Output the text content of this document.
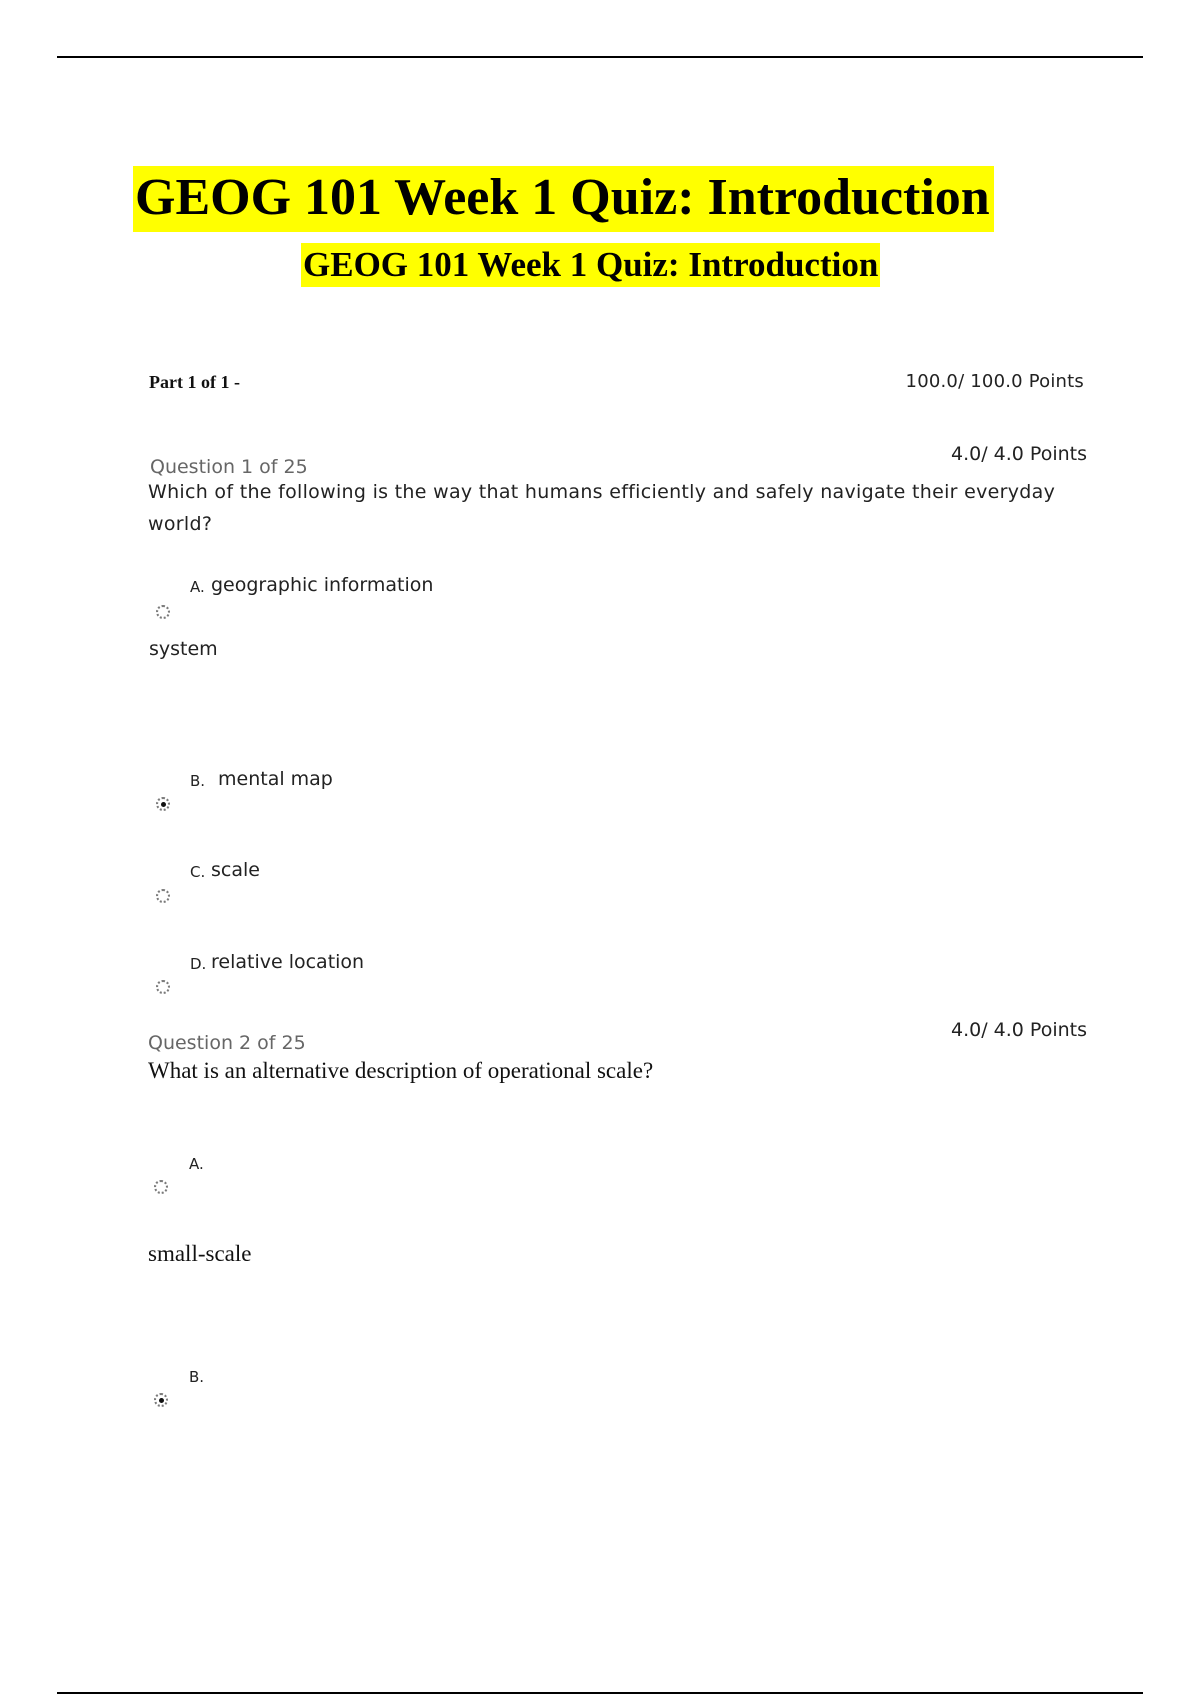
GEOG 101 Week 1 Quiz: Introduction
GEOG 101 Week 1 Quiz: Introduction
Part 1 of 1 -	100.0/ 100.0 Points
Question 1 of 25
4.0/ 4.0 Points
Which of the following is the way that humans efficiently and safely navigate their everyday
world?
A. geographic information
system
B. mental map
C. scale
D. relative location
Question 2 of 25
4.0/ 4.0 Points
What is an alternative description of operational scale?
A.
small-scale
B.
